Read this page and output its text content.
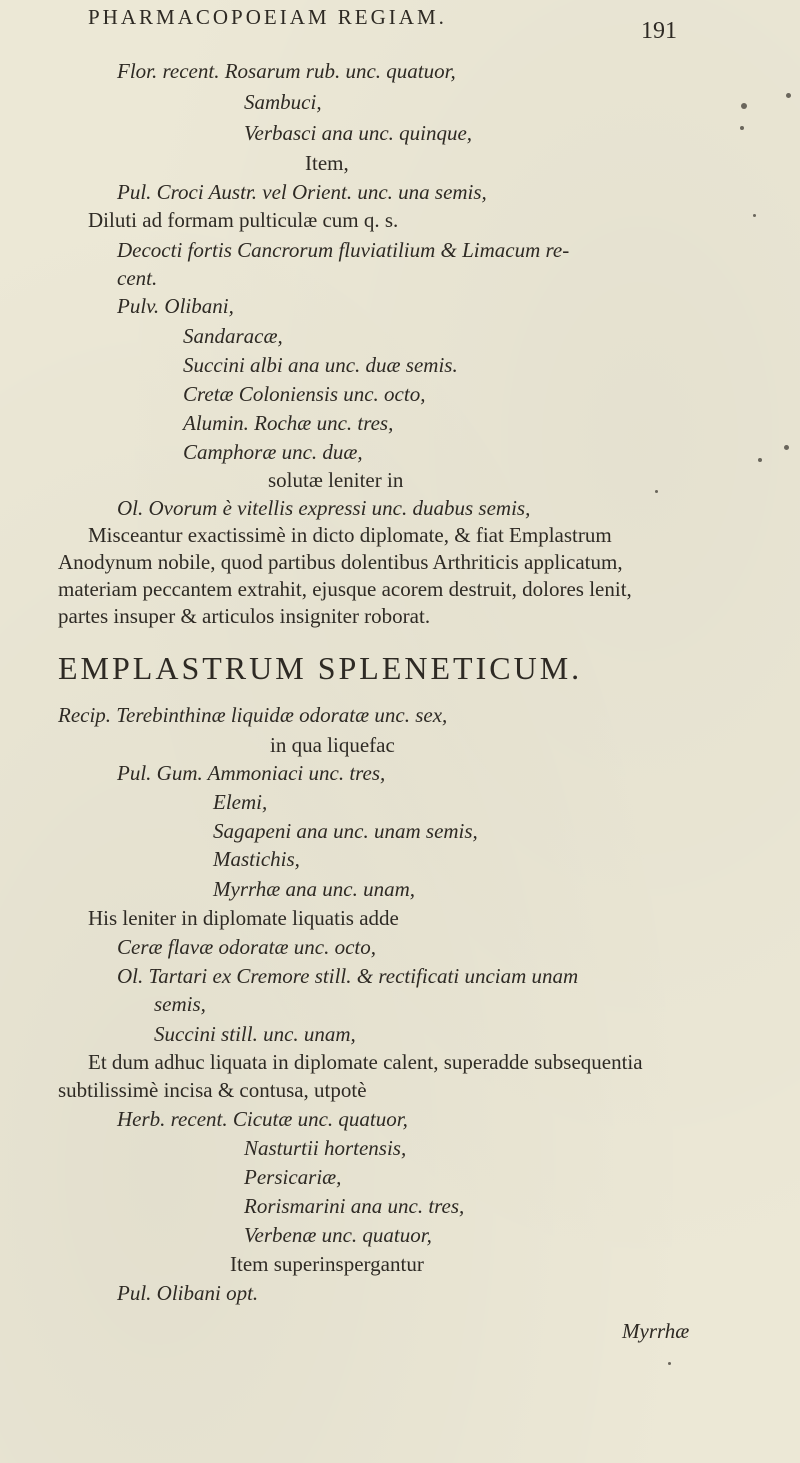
PHARMACOPOEIAM REGIAM.
191
Flor. recent. Rosarum rub. unc. quatuor,
Sambuci,
Verbasci ana unc. quinque,
Item,
Pul. Croci Austr. vel Orient. unc. una semis,
Diluti ad formam pulticulæ cum q. s.
Decocti fortis Cancrorum fluviatilium & Limacum re-
cent.
Pulv. Olibani,
Sandaracæ,
Succini albi ana unc. duæ semis.
Cretæ Coloniensis unc. octo,
Alumin. Rochæ unc. tres,
Camphoræ unc. duæ,
solutæ leniter in
Ol. Ovorum è vitellis expressi unc. duabus semis,
Misceantur exactissimè in dicto diplomate, & fiat Emplastrum
Anodynum nobile, quod partibus dolentibus Arthriticis applicatum,
materiam peccantem extrahit, ejusque acorem destruit, dolores lenit,
partes insuper & articulos insigniter roborat.
EMPLASTRUM SPLENETICUM.
Recip. Terebinthinæ liquidæ odoratæ unc. sex,
in qua liquefac
Pul. Gum. Ammoniaci unc. tres,
Elemi,
Sagapeni ana unc. unam semis,
Mastichis,
Myrrhæ ana unc. unam,
His leniter in diplomate liquatis adde
Ceræ flavæ odoratæ unc. octo,
Ol. Tartari ex Cremore still. & rectificati unciam unam
semis,
Succini still. unc. unam,
Et dum adhuc liquata in diplomate calent, superadde subsequentia
subtilissimè incisa & contusa, utpotè
Herb. recent. Cicutæ unc. quatuor,
Nasturtii hortensis,
Persicariæ,
Rorismarini ana unc. tres,
Verbenæ unc. quatuor,
Item superinspergantur
Pul. Olibani opt.
Myrrhæ
